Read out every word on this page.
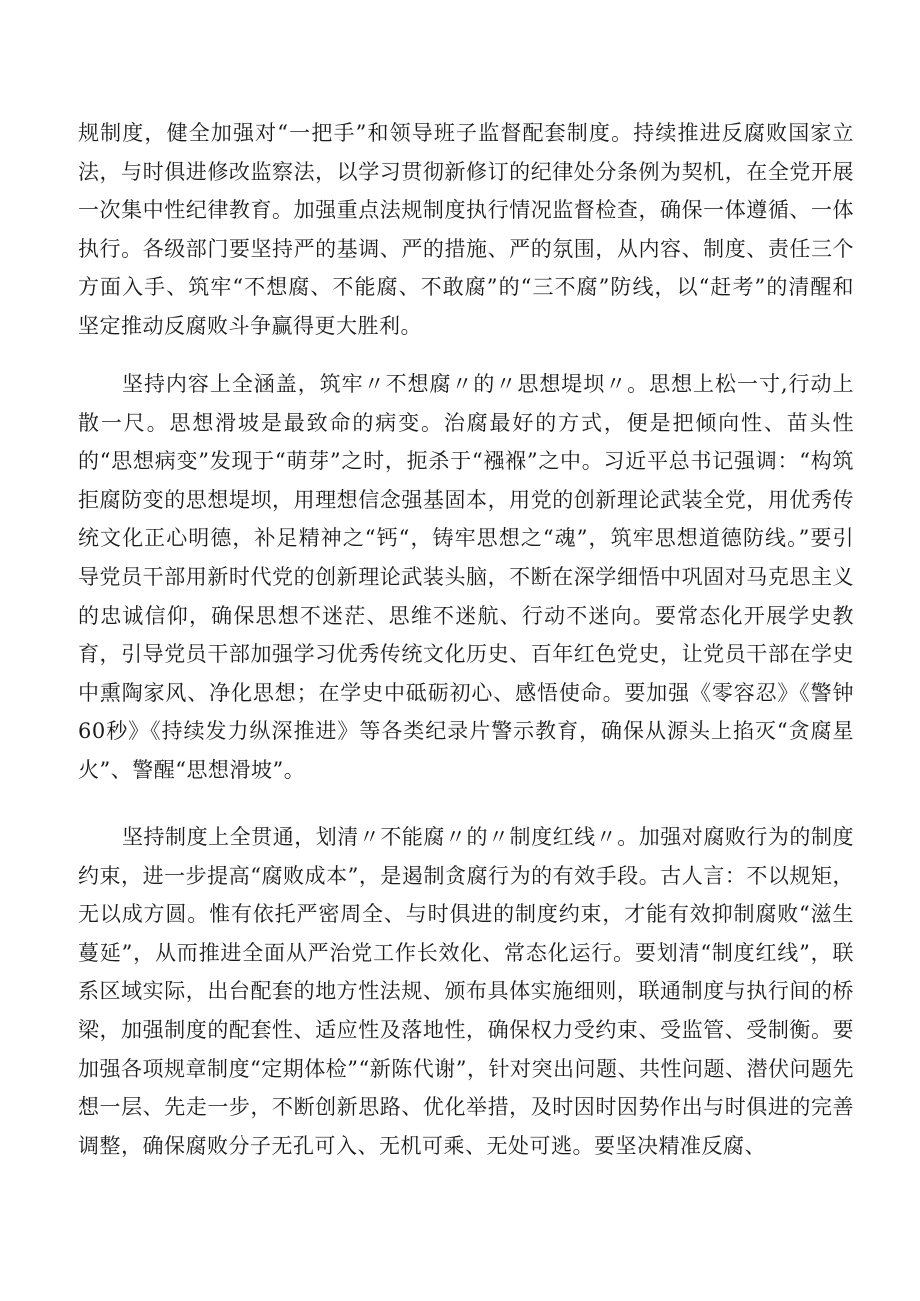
规制度，健全加强对“一把手”和领导班子监督配套制度。持续推进反腐败国家立法，与时俱进修改监察法，以学习贯彻新修订的纪律处分条例为契机，在全党开展一次集中性纪律教育。加强重点法规制度执行情况监督检查，确保一体遵循、一体执行。各级部门要坚持严的基调、严的措施、严的氛围，从内容、制度、责任三个方面入手、筑牢“不想腐、不能腐、不敢腐”的“三不腐”防线，以“赶考”的清醒和坚定推动反腐败斗争赢得更大胜利。

坚持内容上全涵盖，筑牢〃不想腐〃的〃思想堤坝〃。思想上松一寸,行动上散一尺。思想滑坡是最致命的病变。治腐最好的方式，便是把倾向性、苗头性的“思想病变”发现于“萌芽”之时，扼杀于“襁褓”之中。习近平总书记强调：“构筑拒腐防变的思想堤坝，用理想信念强基固本，用党的创新理论武装全党，用优秀传统文化正心明德，补足精神之“钙“，铸牢思想之“魂”，筑牢思想道德防线。”要引导党员干部用新时代党的创新理论武装头脑，不断在深学细悟中巩固对马克思主义的忠诚信仰，确保思想不迷茫、思维不迷航、行动不迷向。要常态化开展学史教育，引导党员干部加强学习优秀传统文化历史、百年红色党史，让党员干部在学史中熏陶家风、净化思想；在学史中砥砺初心、感悟使命。要加强《零容忍》《警钟60秒》《持续发力纵深推进》等各类纪录片警示教育，确保从源头上掐灭“贪腐星火”、警醒“思想滑坡”。

坚持制度上全贯通，划清〃不能腐〃的〃制度红线〃。加强对腐败行为的制度约束，进一步提高“腐败成本”，是遏制贪腐行为的有效手段。古人言：不以规矩，无以成方圆。惟有依托严密周全、与时俱进的制度约束，才能有效抑制腐败“滋生蔓延”，从而推进全面从严治党工作长效化、常态化运行。要划清“制度红线”，联系区域实际，出台配套的地方性法规、颁布具体实施细则，联通制度与执行间的桥梁，加强制度的配套性、适应性及落地性，确保权力受约束、受监管、受制衡。要加强各项规章制度“定期体检”“新陈代谢”，针对突出问题、共性问题、潜伏问题先想一层、先走一步，不断创新思路、优化举措，及时因时因势作出与时俱进的完善调整，确保腐败分子无孔可入、无机可乘、无处可逃。要坚决精准反腐、
